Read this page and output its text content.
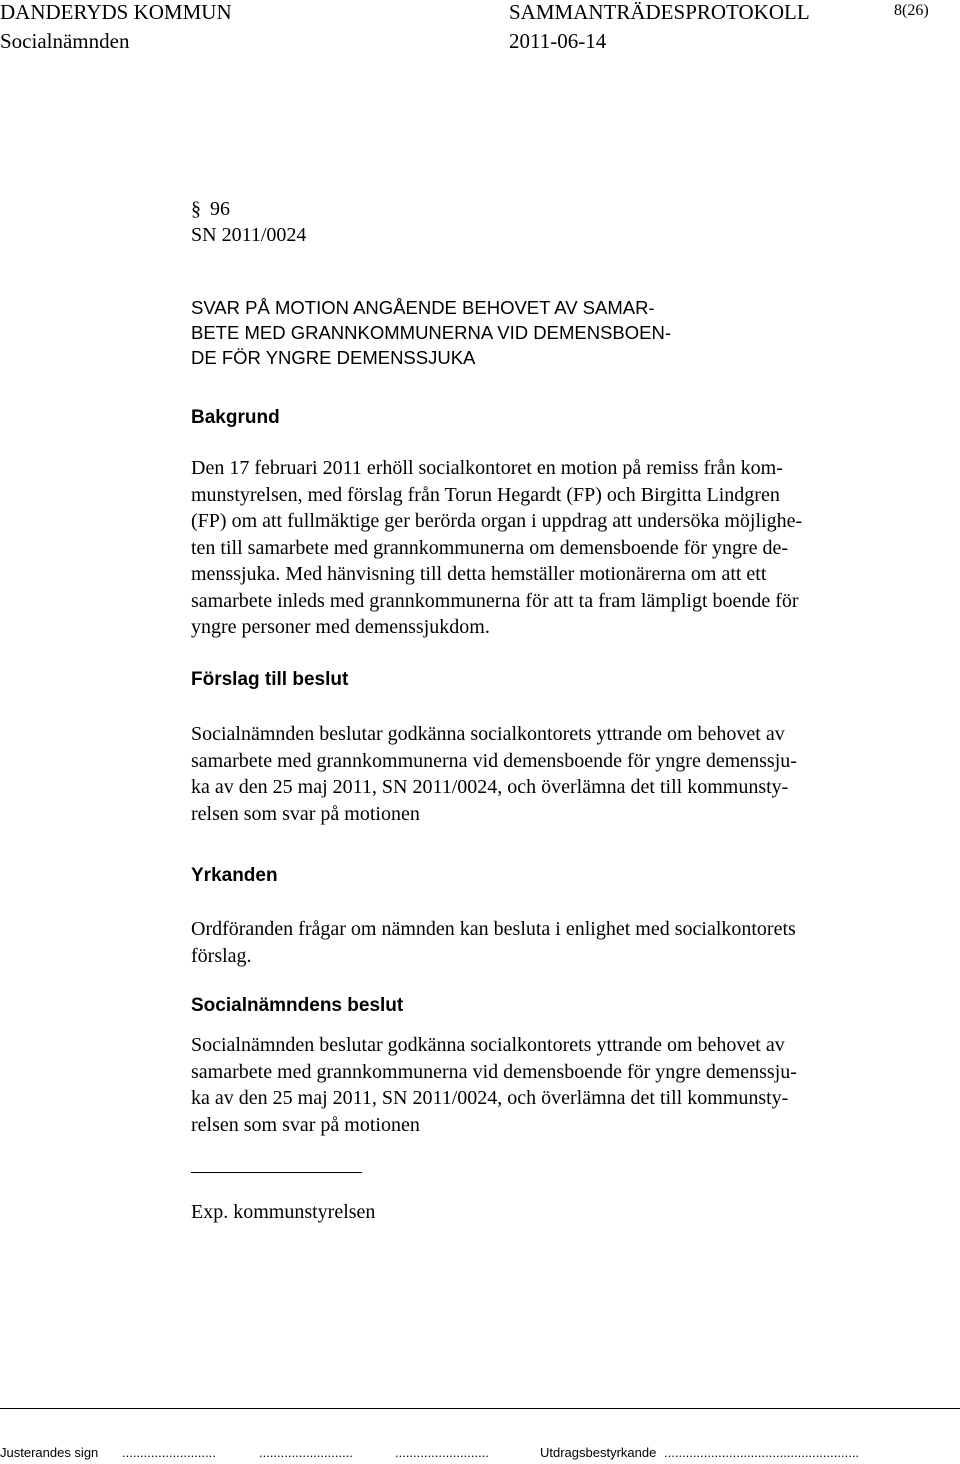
DANDERYDS KOMMUN	SAMMANTRÄDESPROTOKOLL	8(26)
Socialnämnden	2011-06-14
§ 96
SN 2011/0024
SVAR PÅ MOTION ANGÅENDE BEHOVET AV SAMAR-
BETE MED GRANNKOMMUNERNA VID DEMENSBOEN-
DE FÖR YNGRE DEMENSSJUKA
Bakgrund
Den 17 februari 2011 erhöll socialkontoret en motion på remiss från kom-
munstyrelsen, med förslag från Torun Hegardt (FP) och Birgitta Lindgren
(FP) om att fullmäktige ger berörda organ i uppdrag att undersöka möjlighe-
ten till samarbete med grannkommunerna om demensboende för yngre de-
menssjuka. Med hänvisning till detta hemställer motionärerna om att ett
samarbete inleds med grannkommunerna för att ta fram lämpligt boende för
yngre personer med demenssjukdom.
Förslag till beslut
Socialnämnden beslutar godkänna socialkontorets yttrande om behovet av
samarbete med grannkommunerna vid demensboende för yngre demenssju-
ka av den 25 maj 2011, SN 2011/0024, och överlämna det till kommunsty-
relsen som svar på motionen
Yrkanden
Ordföranden frågar om nämnden kan besluta i enlighet med socialkontorets
förslag.
Socialnämndens beslut
Socialnämnden beslutar godkänna socialkontorets yttrande om behovet av
samarbete med grannkommunerna vid demensboende för yngre demenssju-
ka av den 25 maj 2011, SN 2011/0024, och överlämna det till kommunsty-
relsen som svar på motionen
Exp. kommunstyrelsen
Justerandes sign ..........................	..........................	..........................	Utdragsbestyrkande ......................................................
